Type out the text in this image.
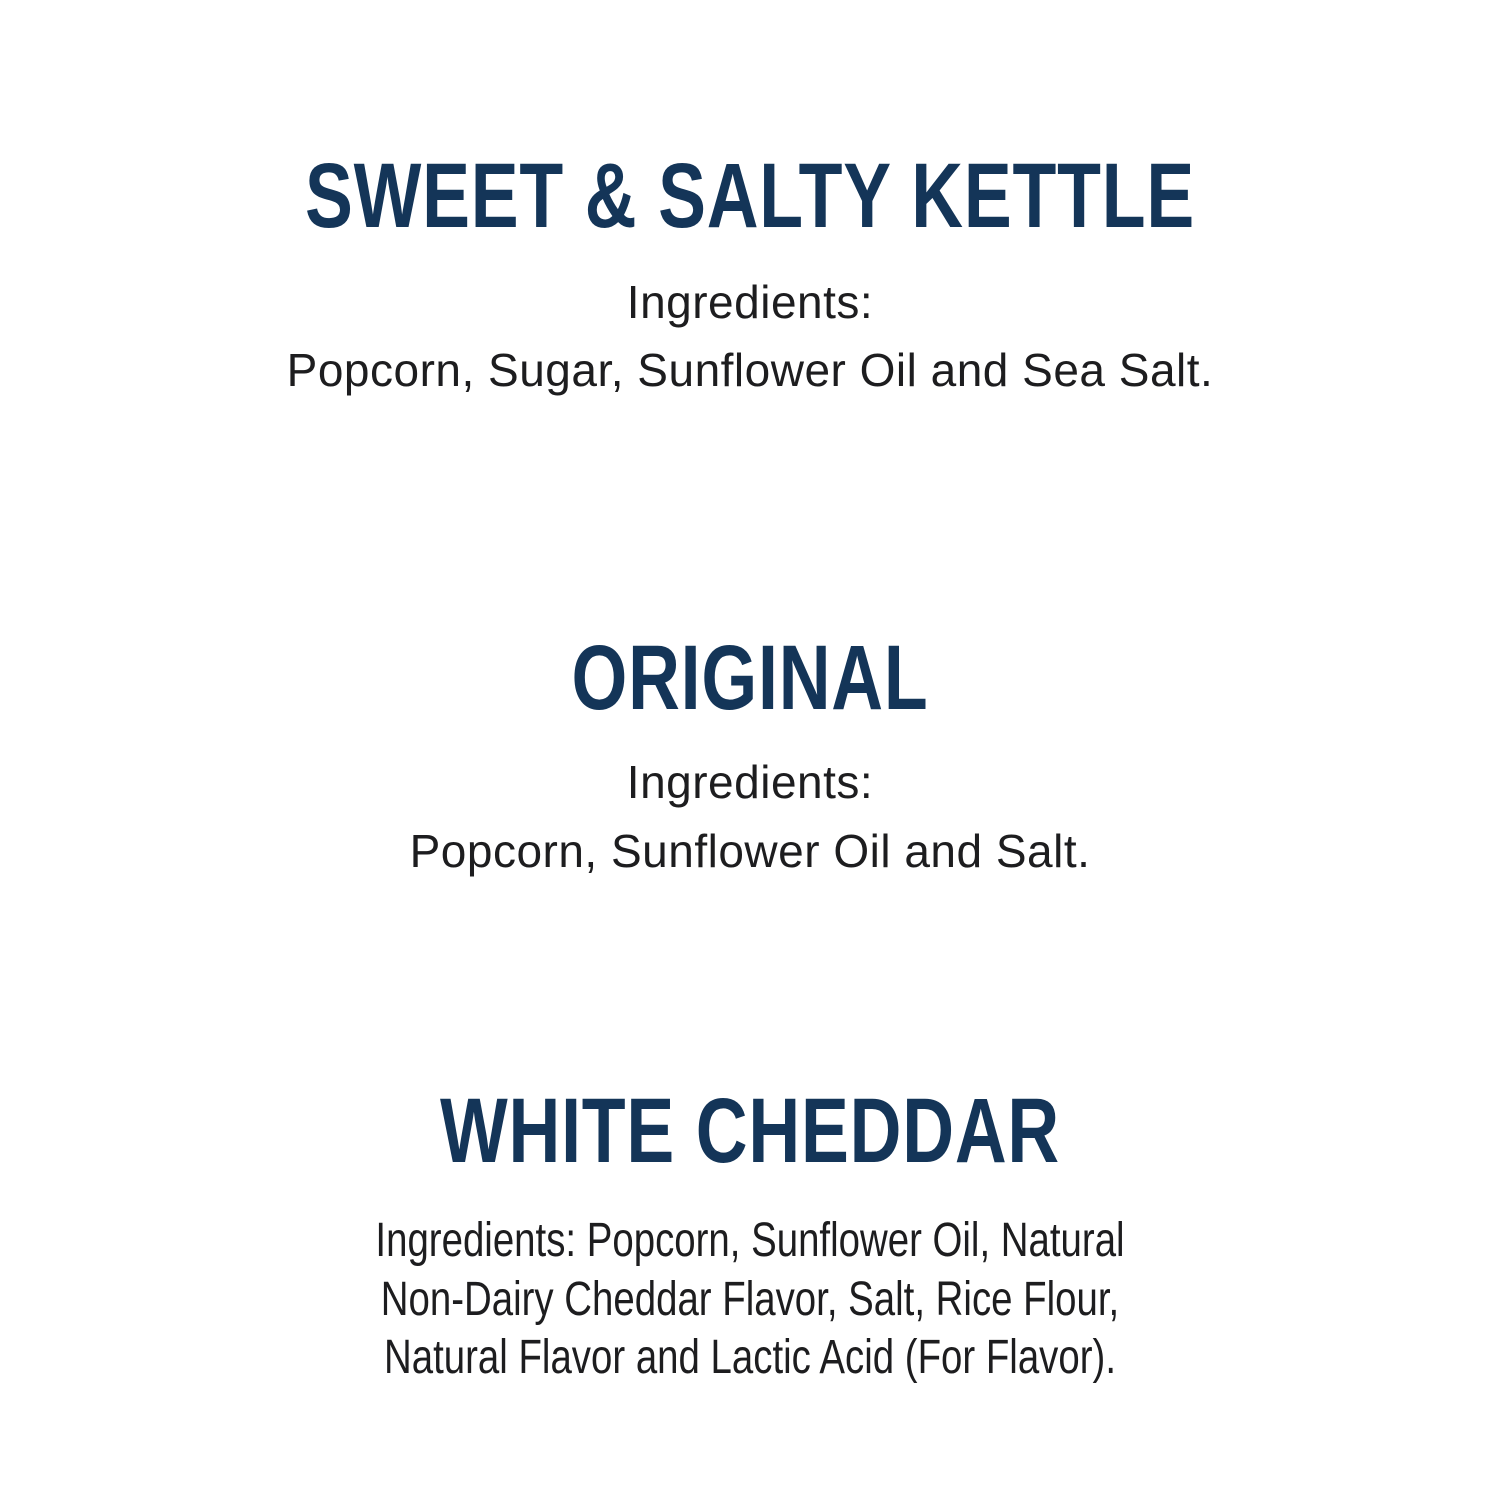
SWEET & SALTY KETTLE
Ingredients:
Popcorn, Sugar, Sunflower Oil and Sea Salt.
ORIGINAL
Ingredients:
Popcorn, Sunflower Oil and Salt.
WHITE CHEDDAR
Ingredients: Popcorn, Sunflower Oil, Natural
Non-Dairy Cheddar Flavor, Salt, Rice Flour,
Natural Flavor and Lactic Acid (For Flavor).
